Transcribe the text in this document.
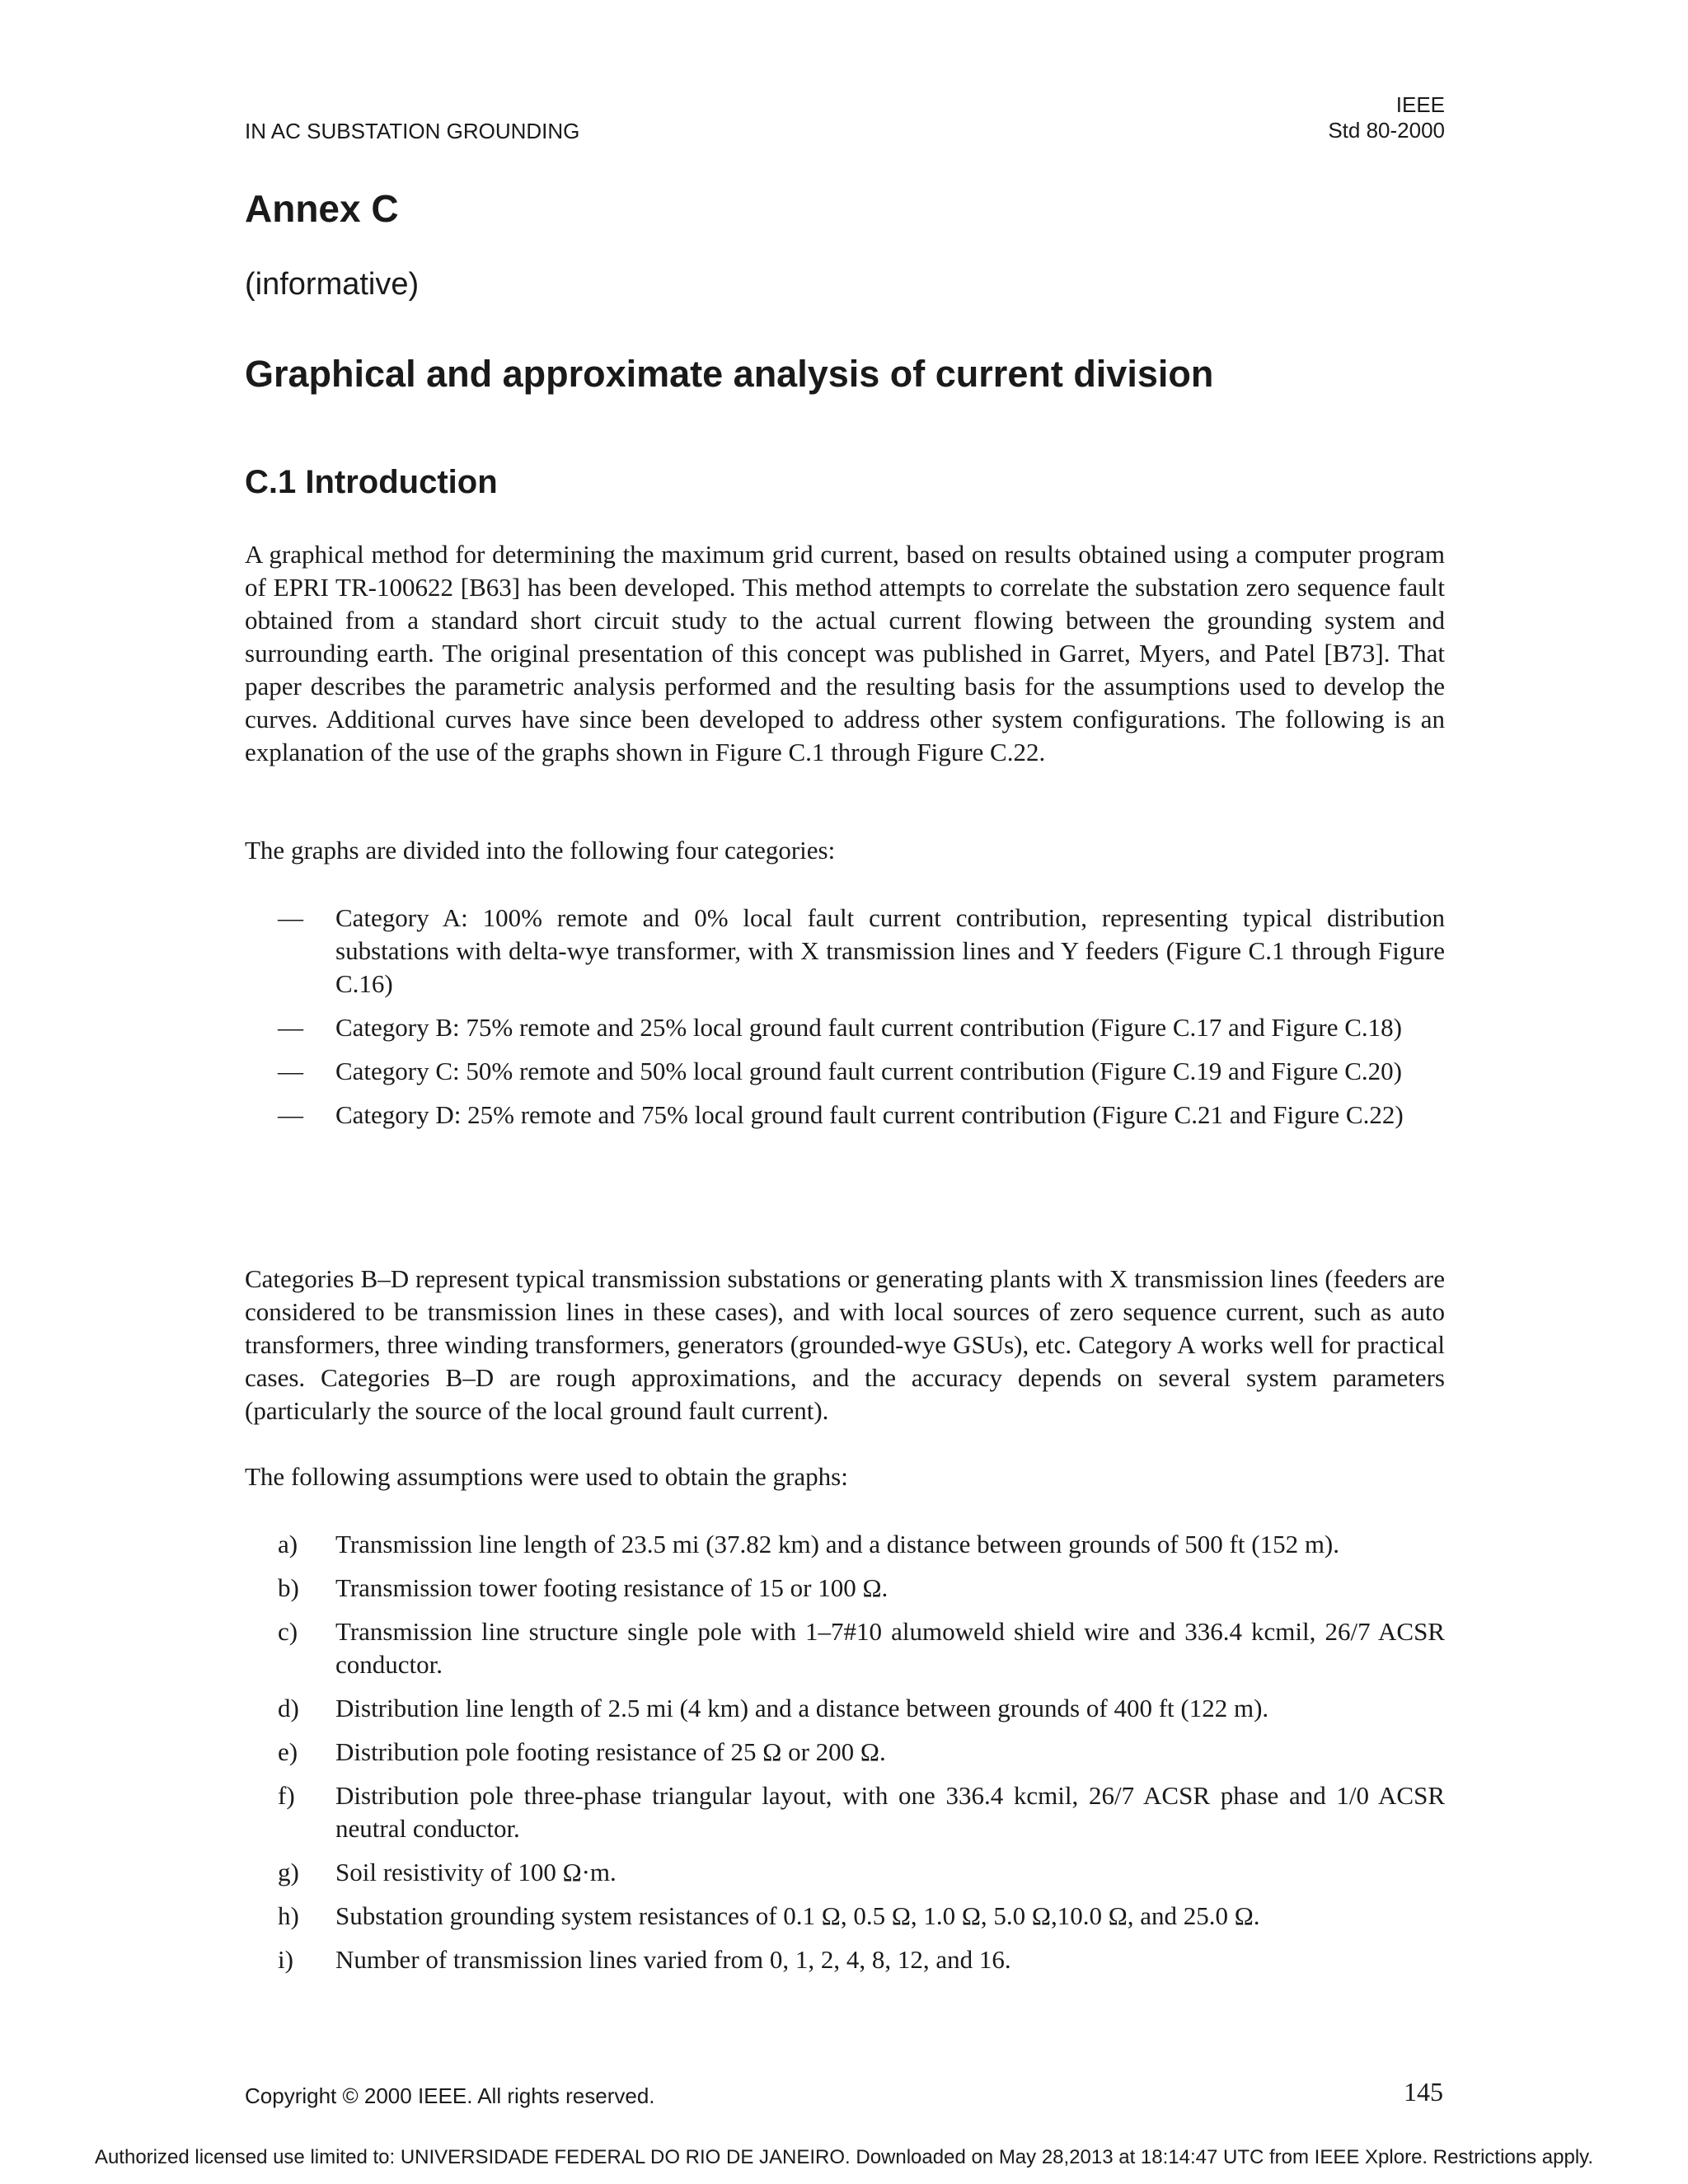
IN AC SUBSTATION GROUNDING
IEEE
Std 80-2000
Annex C
(informative)
Graphical and approximate analysis of current division
C.1 Introduction

A graphical method for determining the maximum grid current, based on results obtained using a computer program of EPRI TR-100622 [B63] has been developed. This method attempts to correlate the substation zero sequence fault obtained from a standard short circuit study to the actual current flowing between the grounding system and surrounding earth. The original presentation of this concept was published in Garret, Myers, and Patel [B73]. That paper describes the parametric analysis performed and the resulting basis for the assumptions used to develop the curves. Additional curves have since been developed to address other system configurations. The following is an explanation of the use of the graphs shown in Figure C.1 through Figure C.22.

The graphs are divided into the following four categories:

— Category A: 100% remote and 0% local fault current contribution, representing typical distribution substations with delta-wye transformer, with X transmission lines and Y feeders (Figure C.1 through Figure C.16)
— Category B: 75% remote and 25% local ground fault current contribution (Figure C.17 and Figure C.18)
— Category C: 50% remote and 50% local ground fault current contribution (Figure C.19 and Figure C.20)
— Category D: 25% remote and 75% local ground fault current contribution (Figure C.21 and Figure C.22)

Categories B–D represent typical transmission substations or generating plants with X transmission lines (feeders are considered to be transmission lines in these cases), and with local sources of zero sequence current, such as auto transformers, three winding transformers, generators (grounded-wye GSUs), etc. Category A works well for practical cases. Categories B–D are rough approximations, and the accuracy depends on several system parameters (particularly the source of the local ground fault current).

The following assumptions were used to obtain the graphs:

a) Transmission line length of 23.5 mi (37.82 km) and a distance between grounds of 500 ft (152 m).
b) Transmission tower footing resistance of 15 or 100 Ω.
c) Transmission line structure single pole with 1–7#10 alumoweld shield wire and 336.4 kcmil, 26/7 ACSR conductor.
d) Distribution line length of 2.5 mi (4 km) and a distance between grounds of 400 ft (122 m).
e) Distribution pole footing resistance of 25 Ω or 200 Ω.
f) Distribution pole three-phase triangular layout, with one 336.4 kcmil, 26/7 ACSR phase and 1/0 ACSR neutral conductor.
g) Soil resistivity of 100 Ω·m.
h) Substation grounding system resistances of 0.1 Ω, 0.5 Ω, 1.0 Ω, 5.0 Ω,10.0 Ω, and 25.0 Ω.
i) Number of transmission lines varied from 0, 1, 2, 4, 8, 12, and 16.
Copyright © 2000 IEEE. All rights reserved.	145
Authorized licensed use limited to: UNIVERSIDADE FEDERAL DO RIO DE JANEIRO. Downloaded on May 28,2013 at 18:14:47 UTC from IEEE Xplore. Restrictions apply.
